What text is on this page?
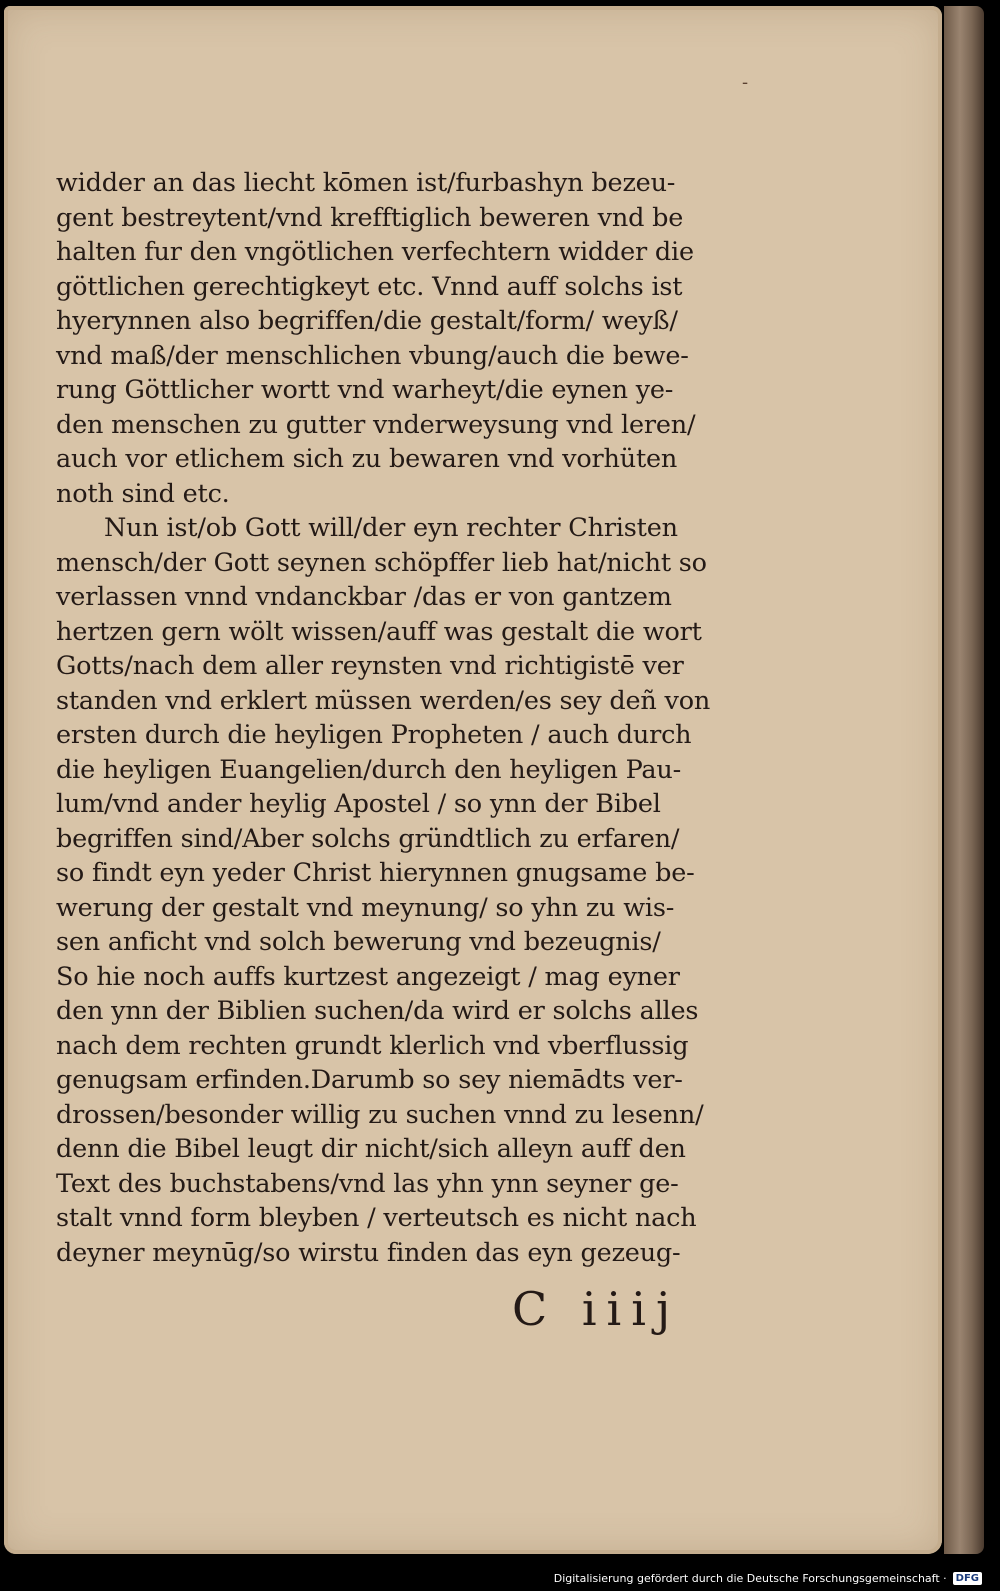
-
widder an das liecht kōmen ist/furbashyn bezeu-
gent bestreytent/vnd krefftiglich beweren vnd be
halten fur den vngötlichen verfechtern widder die
göttlichen gerechtigkeyt etc. Vnnd auff solchs ist
hyerynnen also begriffen/die gestalt/form/ weyß/
vnd maß/der menschlichen vbung/auch die bewe-
rung Göttlicher wortt vnd warheyt/die eynen ye-
den menschen zu gutter vnderweysung vnd leren/
auch vor etlichem sich zu bewaren vnd vorhüten
noth sind etc.
Nun ist/ob Gott will/der eyn rechter Christen
mensch/der Gott seynen schöpffer lieb hat/nicht so
verlassen vnnd vndanckbar /das er von gantzem
hertzen gern wölt wissen/auff was gestalt die wort
Gotts/nach dem aller reynsten vnd richtigistē ver
standen vnd erklert müssen werden/es sey deñ von
ersten durch die heyligen Propheten / auch durch
die heyligen Euangelien/durch den heyligen Pau-
lum/vnd ander heylig Apostel / so ynn der Bibel
begriffen sind/Aber solchs gründtlich zu erfaren/
so findt eyn yeder Christ hierynnen gnugsame be-
werung der gestalt vnd meynung/ so yhn zu wis-
sen anficht vnd solch bewerung vnd bezeugnis/
So hie noch auffs kurtzest angezeigt / mag eyner
den ynn der Biblien suchen/da wird er solchs alles
nach dem rechten grundt klerlich vnd vberflussig
genugsam erfinden.Darumb so sey niemādts ver-
drossen/besonder willig zu suchen vnnd zu lesenn/
denn die Bibel leugt dir nicht/sich alleyn auff den
Text des buchstabens/vnd las yhn ynn seyner ge-
stalt vnnd form bleyben / verteutsch es nicht nach
deyner meynūg/so wirstu finden das eyn gezeug-
C iiij
Digitalisierung gefördert durch die Deutsche Forschungsgemeinschaft · DFG
